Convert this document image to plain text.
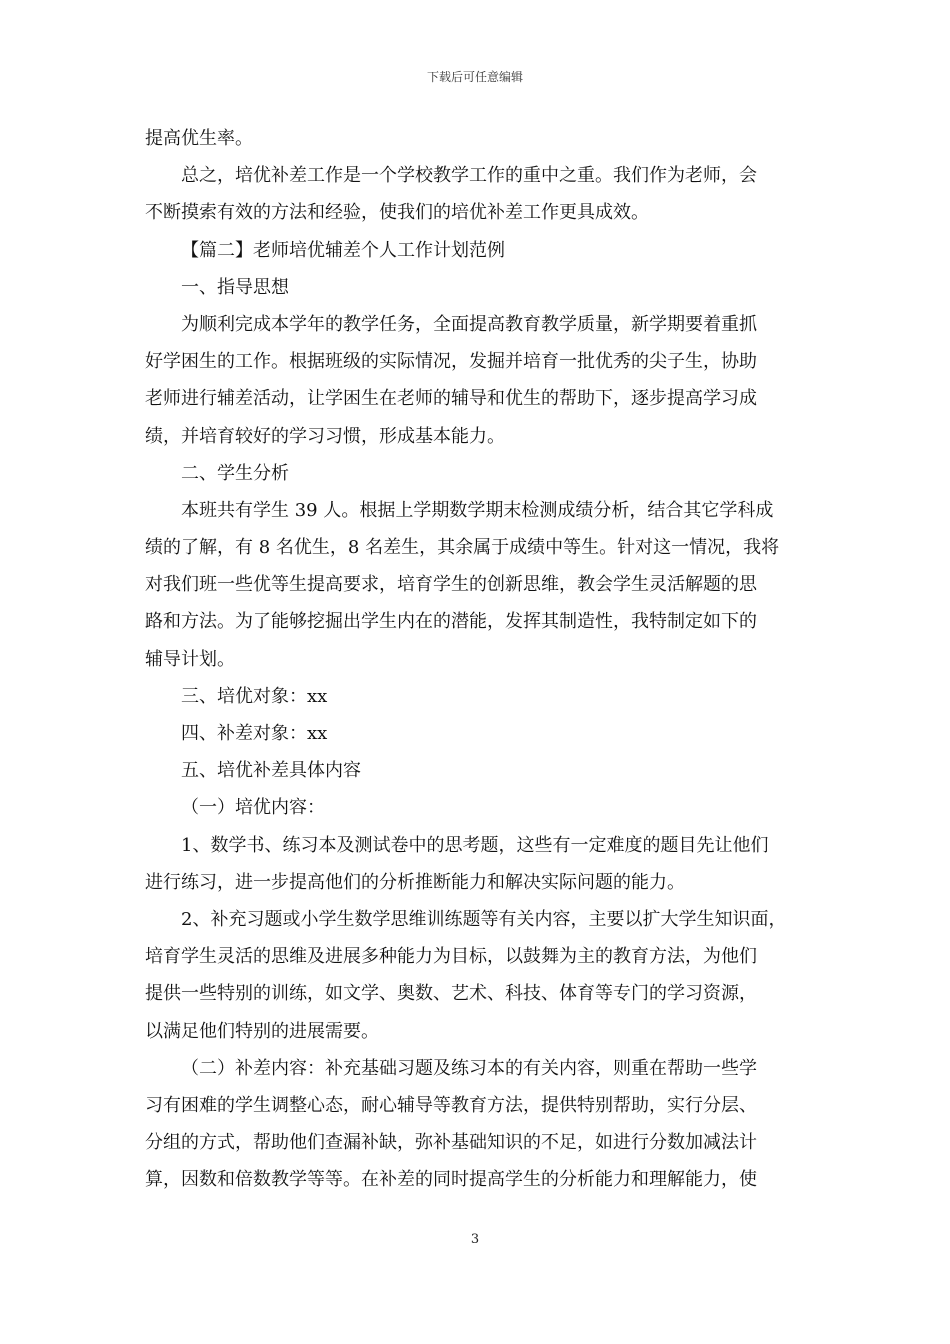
下载后可任意编辑
提高优生率。
总之，培优补差工作是一个学校教学工作的重中之重。我们作为老师，会
不断摸索有效的方法和经验，使我们的培优补差工作更具成效。
【篇二】老师培优辅差个人工作计划范例
一、指导思想
为顺利完成本学年的教学任务，全面提高教育教学质量，新学期要着重抓
好学困生的工作。根据班级的实际情况，发掘并培育一批优秀的尖子生，协助
老师进行辅差活动，让学困生在老师的辅导和优生的帮助下，逐步提高学习成
绩，并培育较好的学习习惯，形成基本能力。
二、学生分析
本班共有学生 39 人。根据上学期数学期末检测成绩分析，结合其它学科成
绩的了解，有 8 名优生，8 名差生，其余属于成绩中等生。针对这一情况，我将
对我们班一些优等生提高要求，培育学生的创新思维，教会学生灵活解题的思
路和方法。为了能够挖掘出学生内在的潜能，发挥其制造性，我特制定如下的
辅导计划。
三、培优对象：xx
四、补差对象：xx
五、培优补差具体内容
（一）培优内容：
1、数学书、练习本及测试卷中的思考题，这些有一定难度的题目先让他们
进行练习，进一步提高他们的分析推断能力和解决实际问题的能力。
2、补充习题或小学生数学思维训练题等有关内容，主要以扩大学生知识面，
培育学生灵活的思维及进展多种能力为目标，以鼓舞为主的教育方法，为他们
提供一些特别的训练，如文学、奥数、艺术、科技、体育等专门的学习资源，
以满足他们特别的进展需要。
（二）补差内容：补充基础习题及练习本的有关内容，则重在帮助一些学
习有困难的学生调整心态，耐心辅导等教育方法，提供特别帮助，实行分层、
分组的方式，帮助他们查漏补缺，弥补基础知识的不足，如进行分数加减法计
算，因数和倍数教学等等。在补差的同时提高学生的分析能力和理解能力，使
3
